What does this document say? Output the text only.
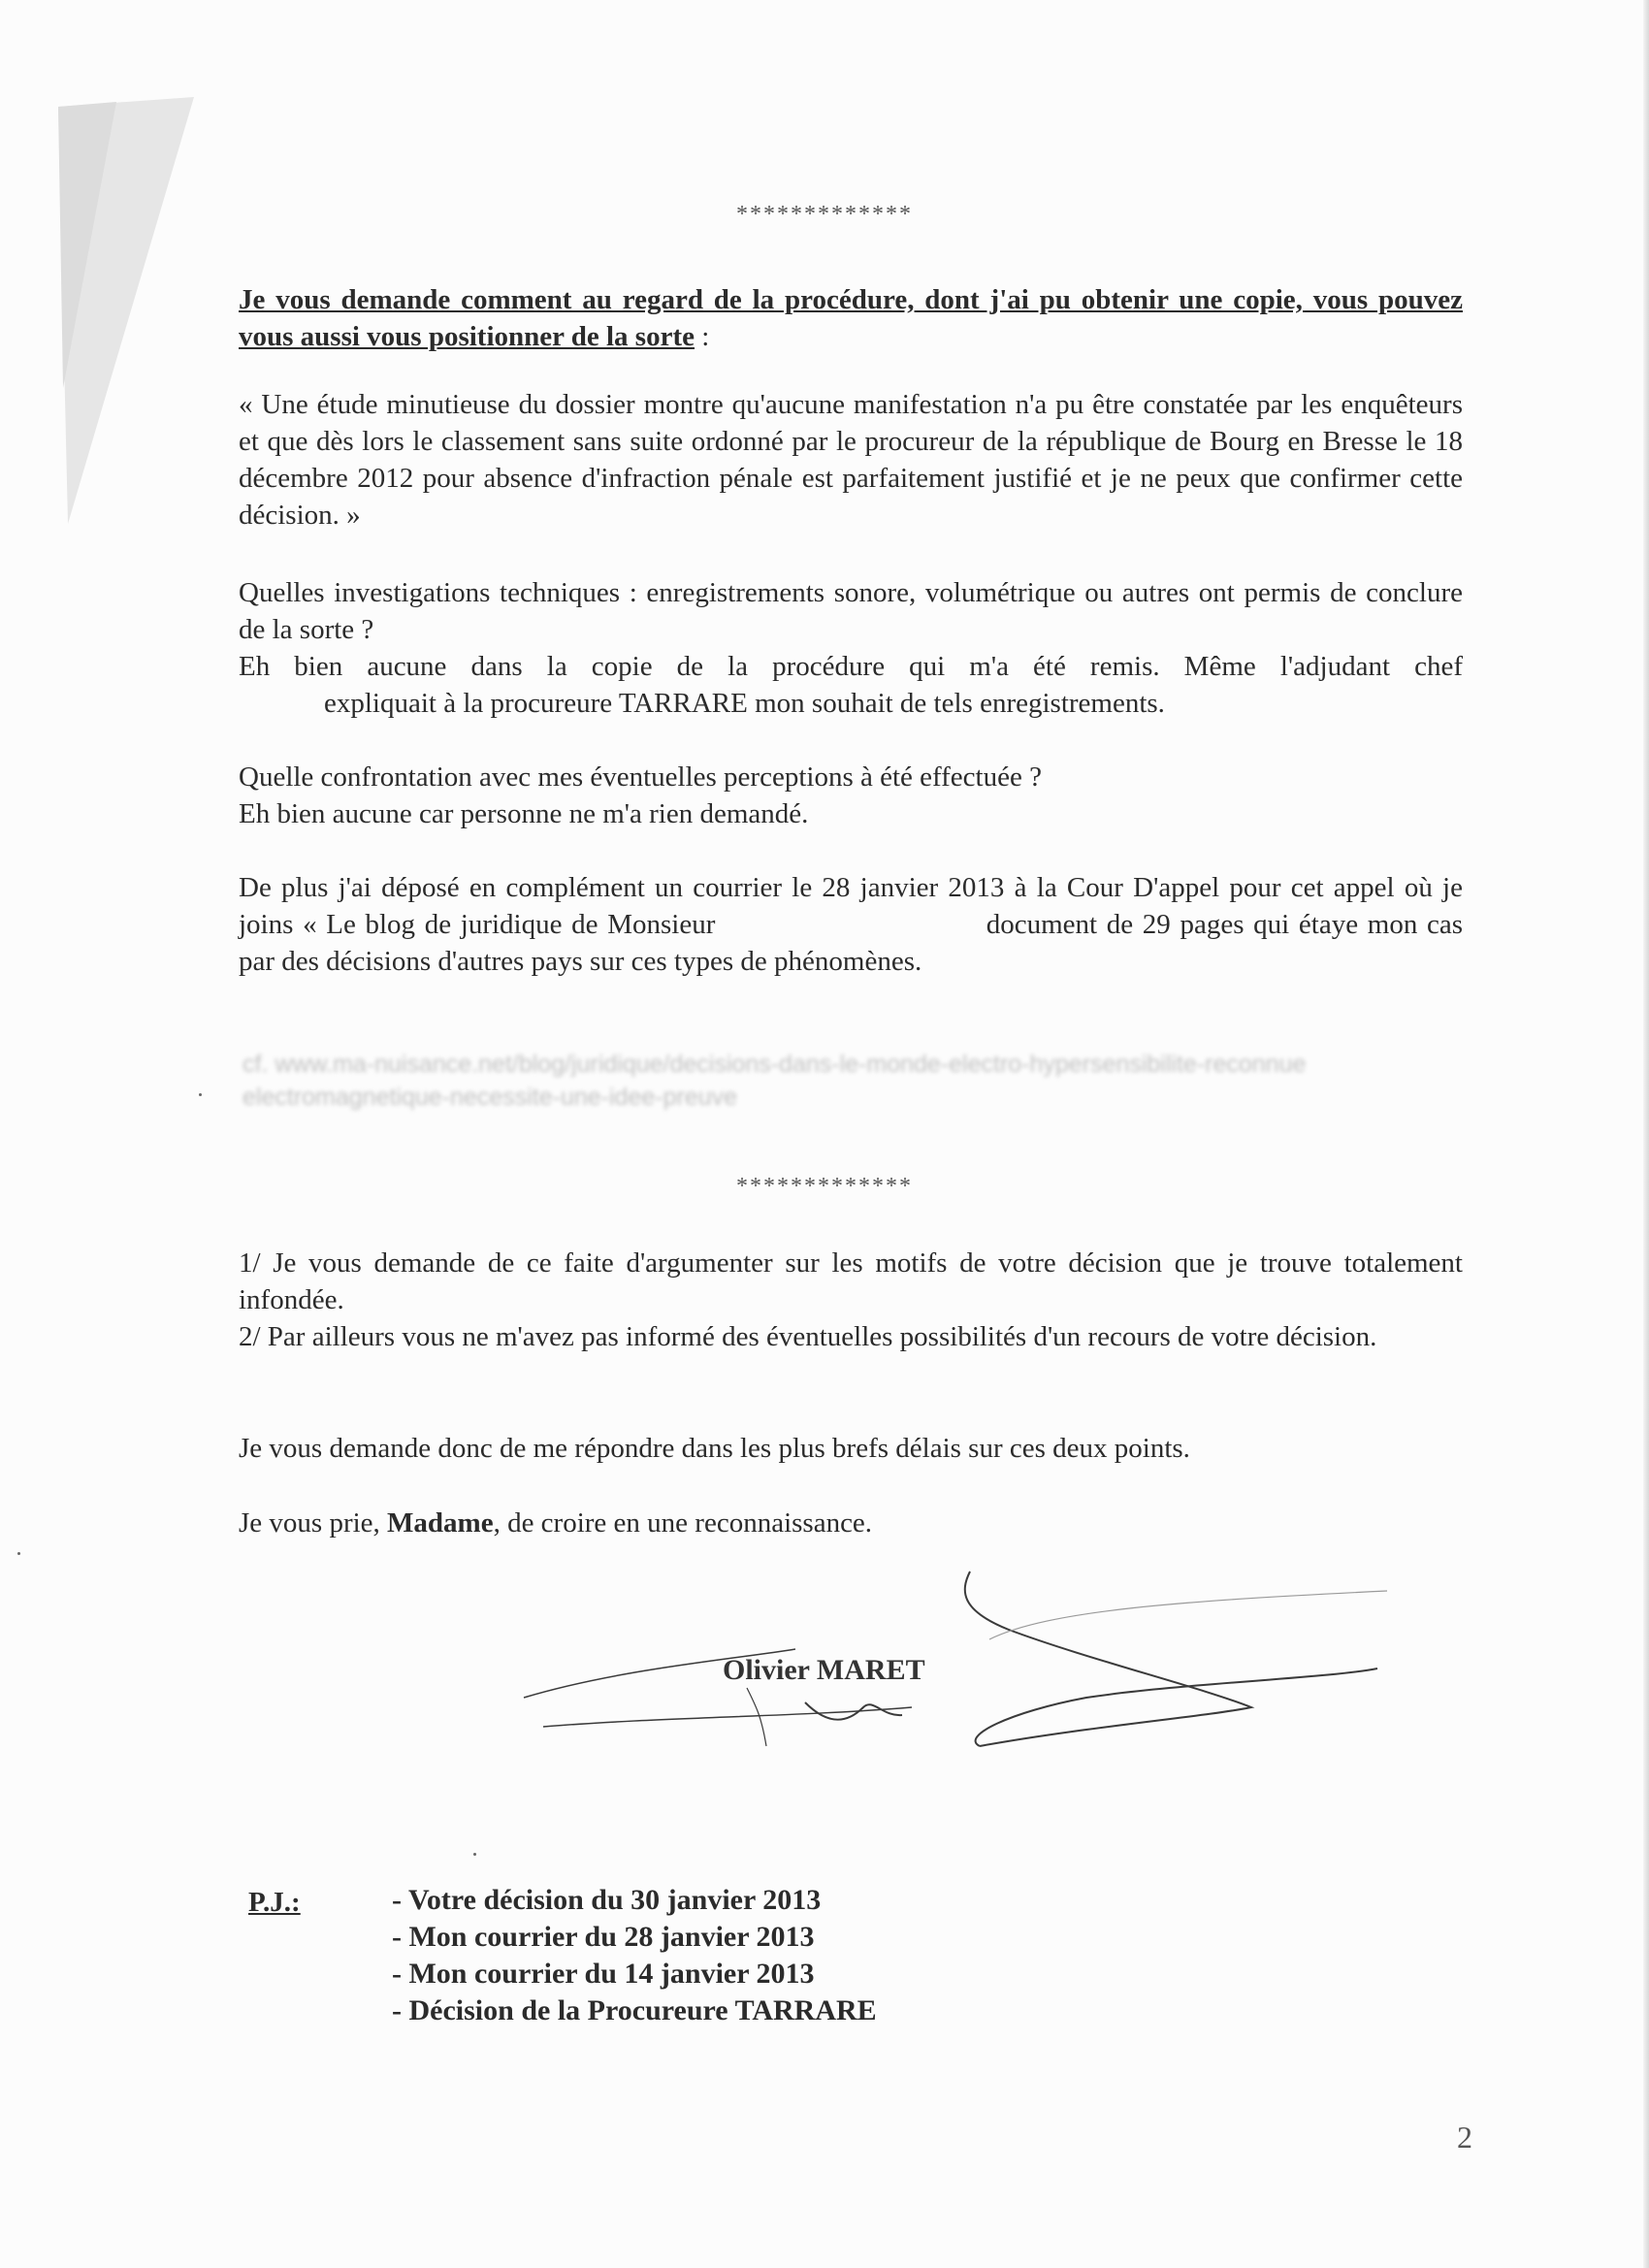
*************

Je vous demande comment au regard de la procédure, dont j'ai pu obtenir une copie, vous pouvez vous aussi vous positionner de la sorte :

« Une étude minutieuse du dossier montre qu'aucune manifestation n'a pu être constatée par les enquêteurs et que dès lors le classement sans suite ordonné par le procureur de la république de Bourg en Bresse le 18 décembre 2012 pour absence d'infraction pénale est parfaitement justifié et je ne peux que confirmer cette décision. »

Quelles investigations techniques : enregistrements sonore, volumétrique ou autres ont permis de conclure de la sorte ?

Eh bien aucune dans la copie de la procédure qui m'a été remis. Même l'adjudant chef

expliquait à la procureure TARRARE mon souhait de tels enregistrements.

Quelle confrontation avec mes éventuelles perceptions à été effectuée ?

Eh bien aucune car personne ne m'a rien demandé.

De plus j'ai déposé en complément un courrier le 28 janvier 2013 à la Cour D'appel pour cet appel où je joins « Le blog de juridique de Monsieur	document de 29 pages qui étaye mon cas par des décisions d'autres pays sur ces types de phénomènes.

cf. www.ma-nuisance.net/blog/juridique/decisions-dans-le-monde-electro-hypersensibilite-reconnue

electromagnetique-necessite-une-idee-preuve

*************

1/ Je vous demande de ce faite d'argumenter sur les motifs de votre décision que je trouve totalement infondée.

2/ Par ailleurs vous ne m'avez pas informé des éventuelles possibilités d'un recours de votre décision.

Je vous demande donc de me répondre dans les plus brefs délais sur ces deux points.

Je vous prie, Madame, de croire en une reconnaissance.

Olivier MARET
P.J.:	- Votre décision du 30 janvier 2013
- Mon courrier du 28 janvier 2013
- Mon courrier du 14 janvier 2013
- Décision de la Procureure TARRARE
2
